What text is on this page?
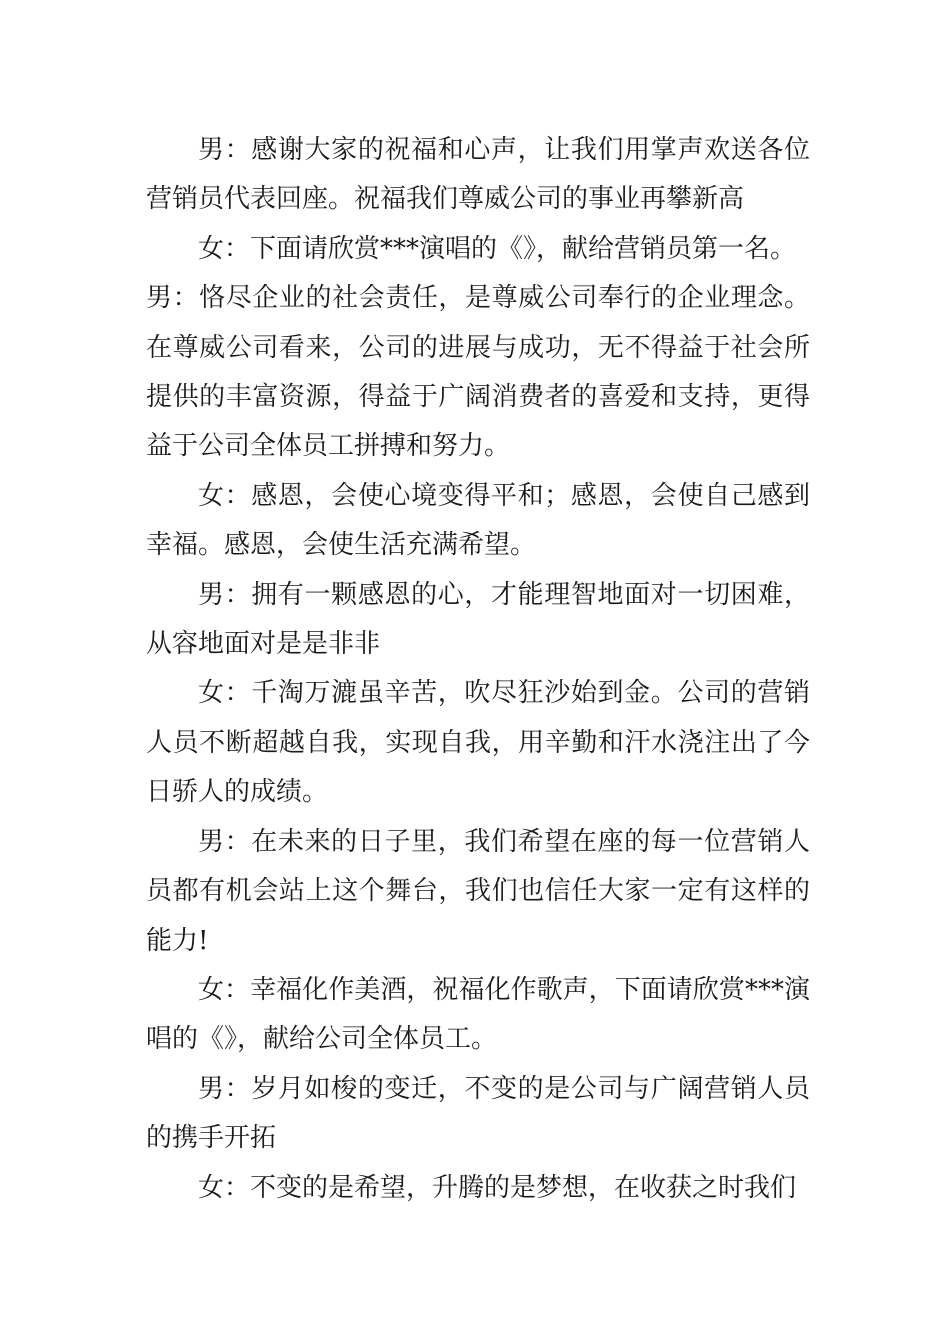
男：感谢大家的祝福和心声，让我们用掌声欢送各位营销员代表回座。祝福我们尊威公司的事业再攀新高

女：下面请欣赏***演唱的《》，献给营销员第一名。

男：恪尽企业的社会责任，是尊威公司奉行的企业理念。在尊威公司看来，公司的进展与成功，无不得益于社会所提供的丰富资源，得益于广阔消费者的喜爱和支持，更得益于公司全体员工拼搏和努力。

女：感恩，会使心境变得平和；感恩，会使自己感到幸福。感恩，会使生活充满希望。

男：拥有一颗感恩的心，才能理智地面对一切困难，从容地面对是是非非

女：千淘万漉虽辛苦，吹尽狂沙始到金。公司的营销人员不断超越自我，实现自我，用辛勤和汗水浇注出了今日骄人的成绩。

男：在未来的日子里，我们希望在座的每一位营销人员都有机会站上这个舞台，我们也信任大家一定有这样的能力!

女：幸福化作美酒，祝福化作歌声，下面请欣赏***演唱的《》，献给公司全体员工。

男：岁月如梭的变迁，不变的是公司与广阔营销人员的携手开拓

女：不变的是希望，升腾的是梦想，在收获之时我们
